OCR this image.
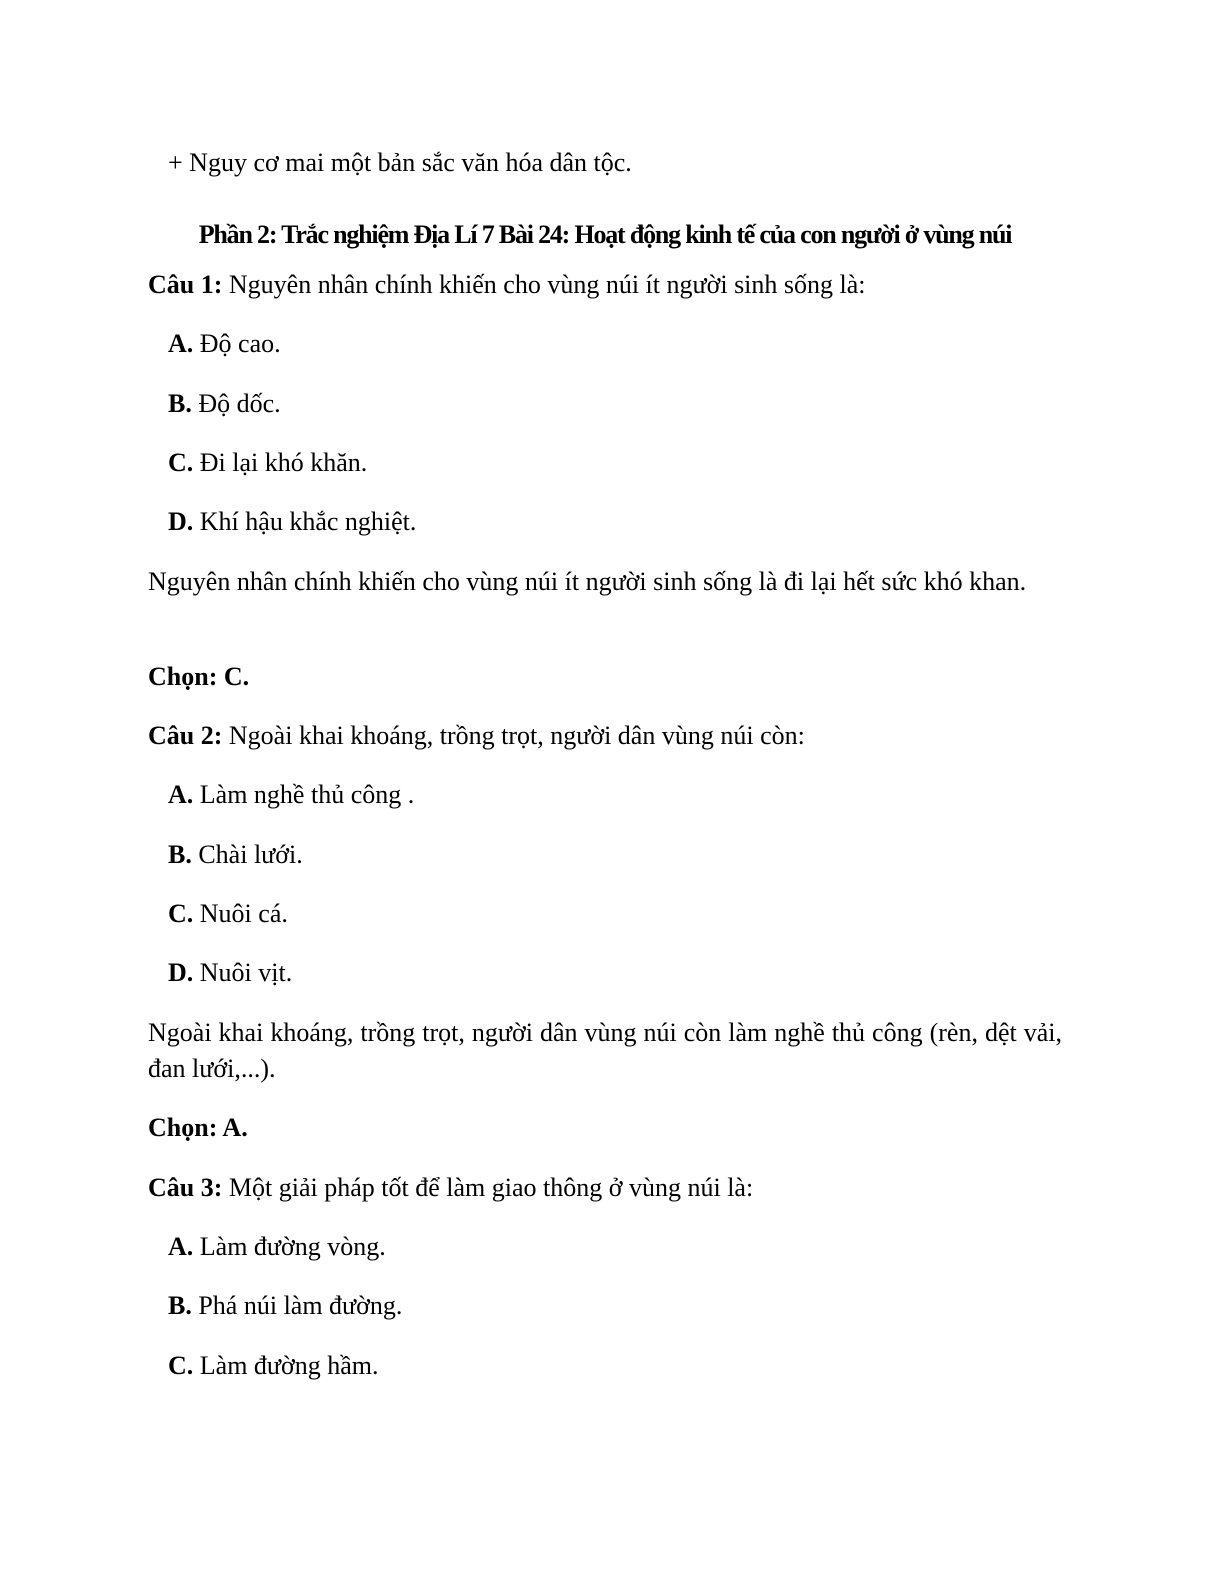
+ Nguy cơ mai một bản sắc văn hóa dân tộc.
Phần 2: Trắc nghiệm Địa Lí 7 Bài 24: Hoạt động kinh tế của con người ở vùng núi
Câu 1: Nguyên nhân chính khiến cho vùng núi ít người sinh sống là:
A. Độ cao.
B. Độ dốc.
C. Đi lại khó khăn.
D. Khí hậu khắc nghiệt.
Nguyên nhân chính khiến cho vùng núi ít người sinh sống là đi lại hết sức khó khan.
Chọn: C.
Câu 2: Ngoài khai khoáng, trồng trọt, người dân vùng núi còn:
A. Làm nghề thủ công .
B. Chài lưới.
C. Nuôi cá.
D. Nuôi vịt.
Ngoài khai khoáng, trồng trọt, người dân vùng núi còn làm nghề thủ công (rèn, dệt vải, đan lưới,...).
Chọn: A.
Câu 3: Một giải pháp tốt để làm giao thông ở vùng núi là:
A. Làm đường vòng.
B. Phá núi làm đường.
C. Làm đường hầm.
